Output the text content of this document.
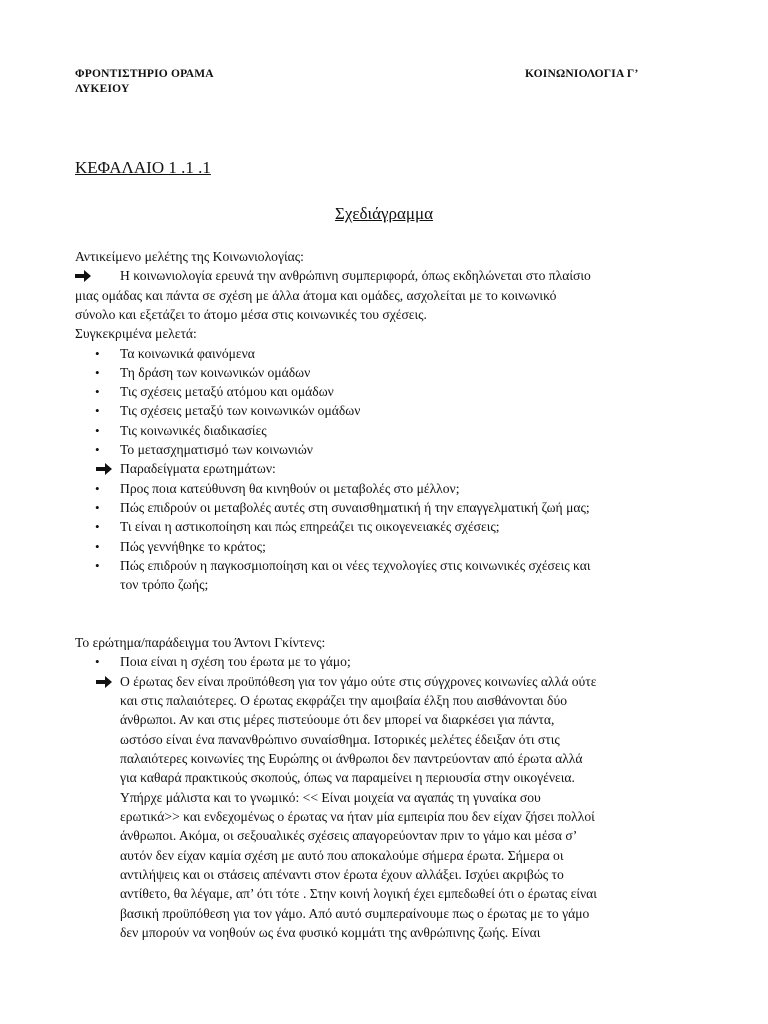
ΦΡΟΝΤΙΣΤΗΡΙΟ ΟΡΑΜΑ
ΛΥΚΕΙΟΥ
ΚΟΙΝΩΝΙΟΛΟΓΙΑ Γ’
ΚΕΦΑΛΑΙΟ 1 .1 .1
Σχεδιάγραμμα
Αντικείμενο μελέτης της Κοινωνιολογίας:
Η κοινωνιολογία ερευνά την ανθρώπινη συμπεριφορά, όπως εκδηλώνεται στο πλαίσιο
μιας ομάδας και πάντα σε σχέση με άλλα άτομα και ομάδες, ασχολείται με το κοινωνικό
σύνολο και εξετάζει το άτομο μέσα στις κοινωνικές του σχέσεις.
Συγκεκριμένα μελετά:
• Τα κοινωνικά φαινόμενα
• Τη δράση των κοινωνικών ομάδων
• Τις σχέσεις μεταξύ ατόμου και ομάδων
• Τις σχέσεις μεταξύ των κοινωνικών ομάδων
• Τις κοινωνικές διαδικασίες
• Το μετασχηματισμό των κοινωνιών
Παραδείγματα ερωτημάτων:
• Προς ποια κατεύθυνση θα κινηθούν οι μεταβολές στο μέλλον;
• Πώς επιδρούν οι μεταβολές αυτές στη συναισθηματική ή την επαγγελματική ζωή μας;
• Τι είναι η αστικοποίηση και πώς επηρεάζει τις οικογενειακές σχέσεις;
• Πώς γεννήθηκε το κράτος;
• Πώς επιδρούν η παγκοσμιοποίηση και οι νέες τεχνολογίες στις κοινωνικές σχέσεις και
τον τρόπο ζωής;
Το ερώτημα/παράδειγμα του Άντονι Γκίντενς:
• Ποια είναι η σχέση του έρωτα με το γάμο;
Ο έρωτας δεν είναι προϋπόθεση για τον γάμο ούτε στις σύγχρονες κοινωνίες αλλά ούτε
και στις παλαιότερες. Ο έρωτας εκφράζει την αμοιβαία έλξη που αισθάνονται δύο
άνθρωποι. Αν και στις μέρες πιστεύουμε ότι δεν μπορεί να διαρκέσει για πάντα,
ωστόσο είναι ένα πανανθρώπινο συναίσθημα. Ιστορικές μελέτες έδειξαν ότι στις
παλαιότερες κοινωνίες της Ευρώπης οι άνθρωποι δεν παντρεύονταν από έρωτα αλλά
για καθαρά πρακτικούς σκοπούς, όπως να παραμείνει η περιουσία στην οικογένεια.
Υπήρχε μάλιστα και το γνωμικό: << Είναι μοιχεία να αγαπάς τη γυναίκα σου
ερωτικά>> και ενδεχομένως ο έρωτας να ήταν μία εμπειρία που δεν είχαν ζήσει πολλοί
άνθρωποι. Ακόμα, οι σεξουαλικές σχέσεις απαγορεύονταν πριν το γάμο και μέσα σ’
αυτόν δεν είχαν καμία σχέση με αυτό που αποκαλούμε σήμερα έρωτα. Σήμερα οι
αντιλήψεις και οι στάσεις απέναντι στον έρωτα έχουν αλλάξει. Ισχύει ακριβώς το
αντίθετο, θα λέγαμε, απ’ ότι τότε . Στην κοινή λογική έχει εμπεδωθεί ότι ο έρωτας είναι
βασική προϋπόθεση για τον γάμο. Από αυτό συμπεραίνουμε πως ο έρωτας με το γάμο
δεν μπορούν να νοηθούν ως ένα φυσικό κομμάτι της ανθρώπινης ζωής. Είναι
